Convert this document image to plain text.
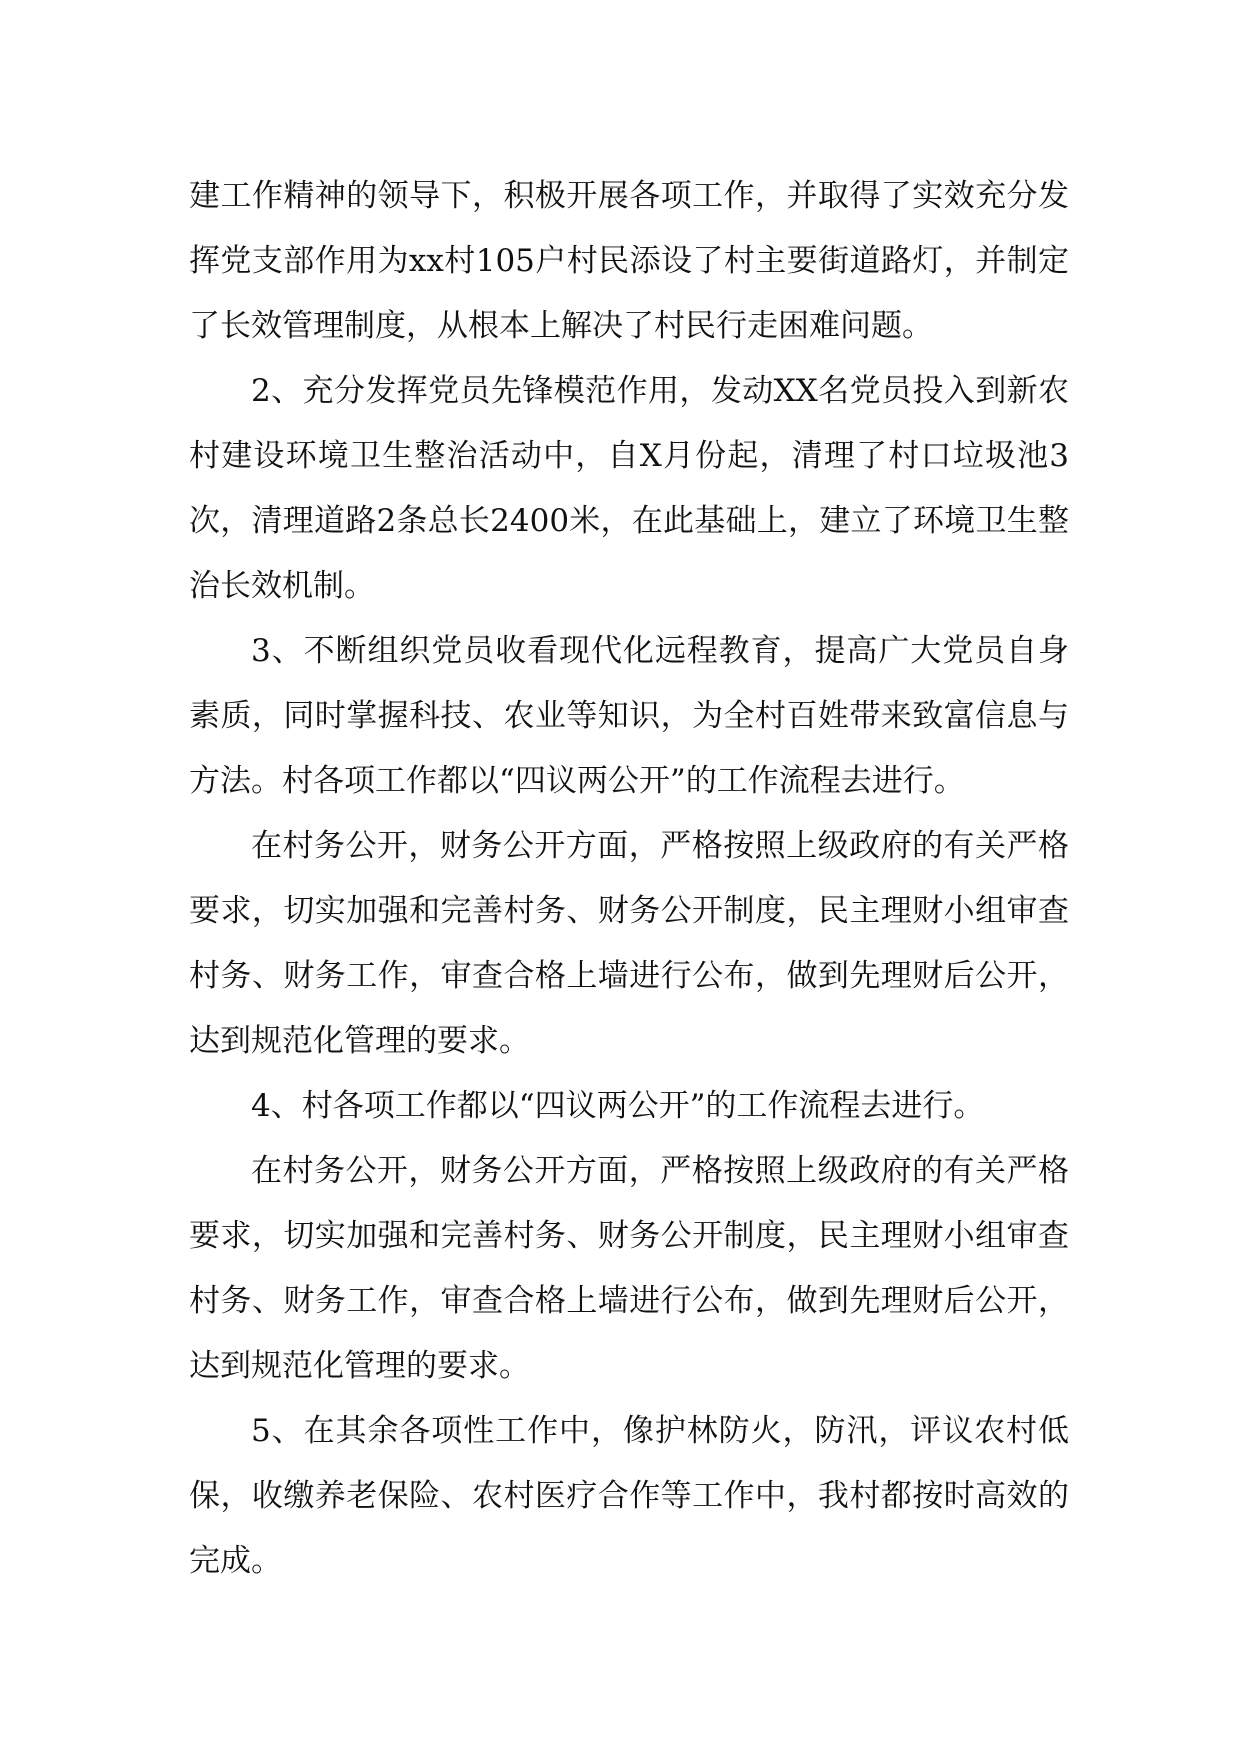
建工作精神的领导下，积极开展各项工作，并取得了实效充分发挥党支部作用为xx村105户村民添设了村主要街道路灯，并制定了长效管理制度，从根本上解决了村民行走困难问题。

2、充分发挥党员先锋模范作用，发动XX名党员投入到新农村建设环境卫生整治活动中，自X月份起，清理了村口垃圾池3次，清理道路2条总长2400米，在此基础上，建立了环境卫生整治长效机制。

3、不断组织党员收看现代化远程教育，提高广大党员自身素质，同时掌握科技、农业等知识，为全村百姓带来致富信息与方法。村各项工作都以“四议两公开”的工作流程去进行。

在村务公开，财务公开方面，严格按照上级政府的有关严格要求，切实加强和完善村务、财务公开制度，民主理财小组审查村务、财务工作，审查合格上墙进行公布，做到先理财后公开，达到规范化管理的要求。

4、村各项工作都以“四议两公开”的工作流程去进行。

在村务公开，财务公开方面，严格按照上级政府的有关严格要求，切实加强和完善村务、财务公开制度，民主理财小组审查村务、财务工作，审查合格上墙进行公布，做到先理财后公开，达到规范化管理的要求。

5、在其余各项性工作中，像护林防火，防汛，评议农村低保，收缴养老保险、农村医疗合作等工作中，我村都按时高效的完成。
